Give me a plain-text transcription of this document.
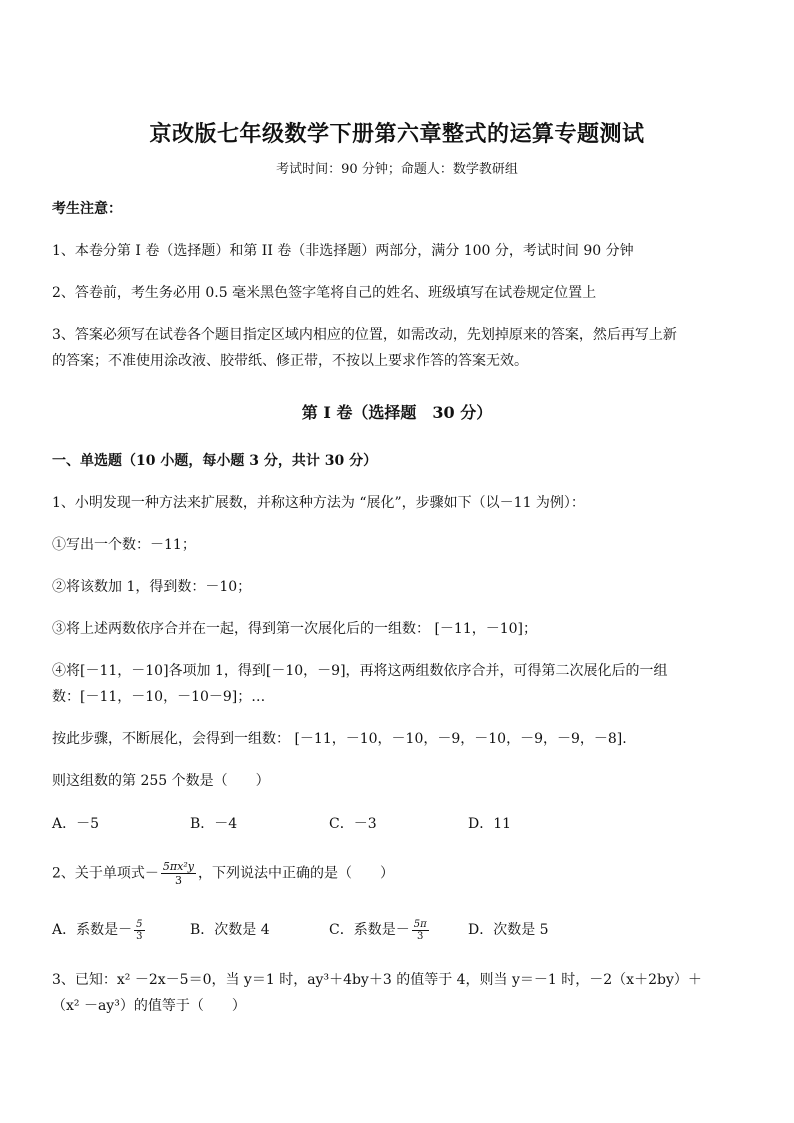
京改版七年级数学下册第六章整式的运算专题测试
考试时间：90 分钟；命题人：数学教研组
考生注意：
1、本卷分第 I 卷（选择题）和第 II 卷（非选择题）两部分，满分 100 分，考试时间 90 分钟
2、答卷前，考生务必用 0.5 毫米黑色签字笔将自己的姓名、班级填写在试卷规定位置上
3、答案必须写在试卷各个题目指定区域内相应的位置，如需改动，先划掉原来的答案，然后再写上新
的答案；不准使用涂改液、胶带纸、修正带，不按以上要求作答的答案无效。
第 I 卷（选择题　30 分）
一、单选题（10 小题，每小题 3 分，共计 30 分）
1、小明发现一种方法来扩展数，并称这种方法为 “展化”，步骤如下（以－11 为例）：
①写出一个数：－11；
②将该数加 1，得到数：－10；
③将上述两数依序合并在一起，得到第一次展化后的一组数： [－11，－10]；
④将[－11，－10]各项加 1，得到[－10，－9]，再将这两组数依序合并，可得第二次展化后的一组
数：[－11，－10，－10－9]；…
按此步骤，不断展化，会得到一组数： [－11，－10，－10，－9，－10，－9，－9，－8].
则这组数的第 255 个数是（　　）
A．－5	B．－4	C．－3	D．11
2、关于单项式－ $\frac{\text{5πx²y}}{3}$ ，下列说法中正确的是（　　）
A．系数是－ $\frac{5}{3}$	B．次数是 4	C．系数是－ $\frac{5\pi}{3}$	D．次数是 5
3、已知：x² －2x－5＝0，当 y＝1 时，ay³＋4by＋3 的值等于 4，则当 y＝－1 时，－2（x＋2by）＋
（x² －ay³）的值等于（　　）
